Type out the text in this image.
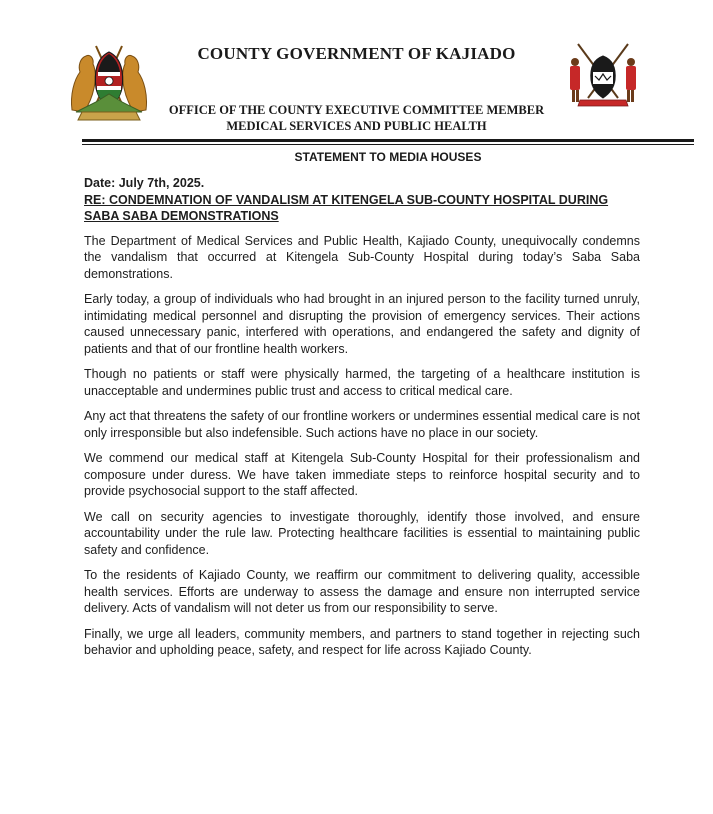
COUNTY GOVERNMENT OF KAJIADO
OFFICE OF THE COUNTY EXECUTIVE COMMITTEE MEMBER
MEDICAL SERVICES AND PUBLIC HEALTH
STATEMENT TO MEDIA HOUSES
Date: July 7th, 2025.
RE: CONDEMNATION OF VANDALISM AT KITENGELA SUB-COUNTY HOSPITAL DURING SABA SABA DEMONSTRATIONS

The Department of Medical Services and Public Health, Kajiado County, unequivocally condemns the vandalism that occurred at Kitengela Sub-County Hospital during today’s Saba Saba demonstrations.

Early today, a group of individuals who had brought in an injured person to the facility turned unruly, intimidating medical personnel and disrupting the provision of emergency services. Their actions caused unnecessary panic, interfered with operations, and endangered the safety and dignity of patients and that of our frontline health workers.

Though no patients or staff were physically harmed, the targeting of a healthcare institution is unacceptable and undermines public trust and access to critical medical care.

Any act that threatens the safety of our frontline workers or undermines essential medical care is not only irresponsible but also indefensible. Such actions have no place in our society.

We commend our medical staff at Kitengela Sub-County Hospital for their professionalism and composure under duress. We have taken immediate steps to reinforce hospital security and to provide psychosocial support to the staff affected.

We call on security agencies to investigate thoroughly, identify those involved, and ensure accountability under the rule law. Protecting healthcare facilities is essential to maintaining public safety and confidence.

To the residents of Kajiado County, we reaffirm our commitment to delivering quality, accessible health services. Efforts are underway to assess the damage and ensure non interrupted service delivery. Acts of vandalism will not deter us from our responsibility to serve.

Finally, we urge all leaders, community members, and partners to stand together in rejecting such behavior and upholding peace, safety, and respect for life across Kajiado County.
